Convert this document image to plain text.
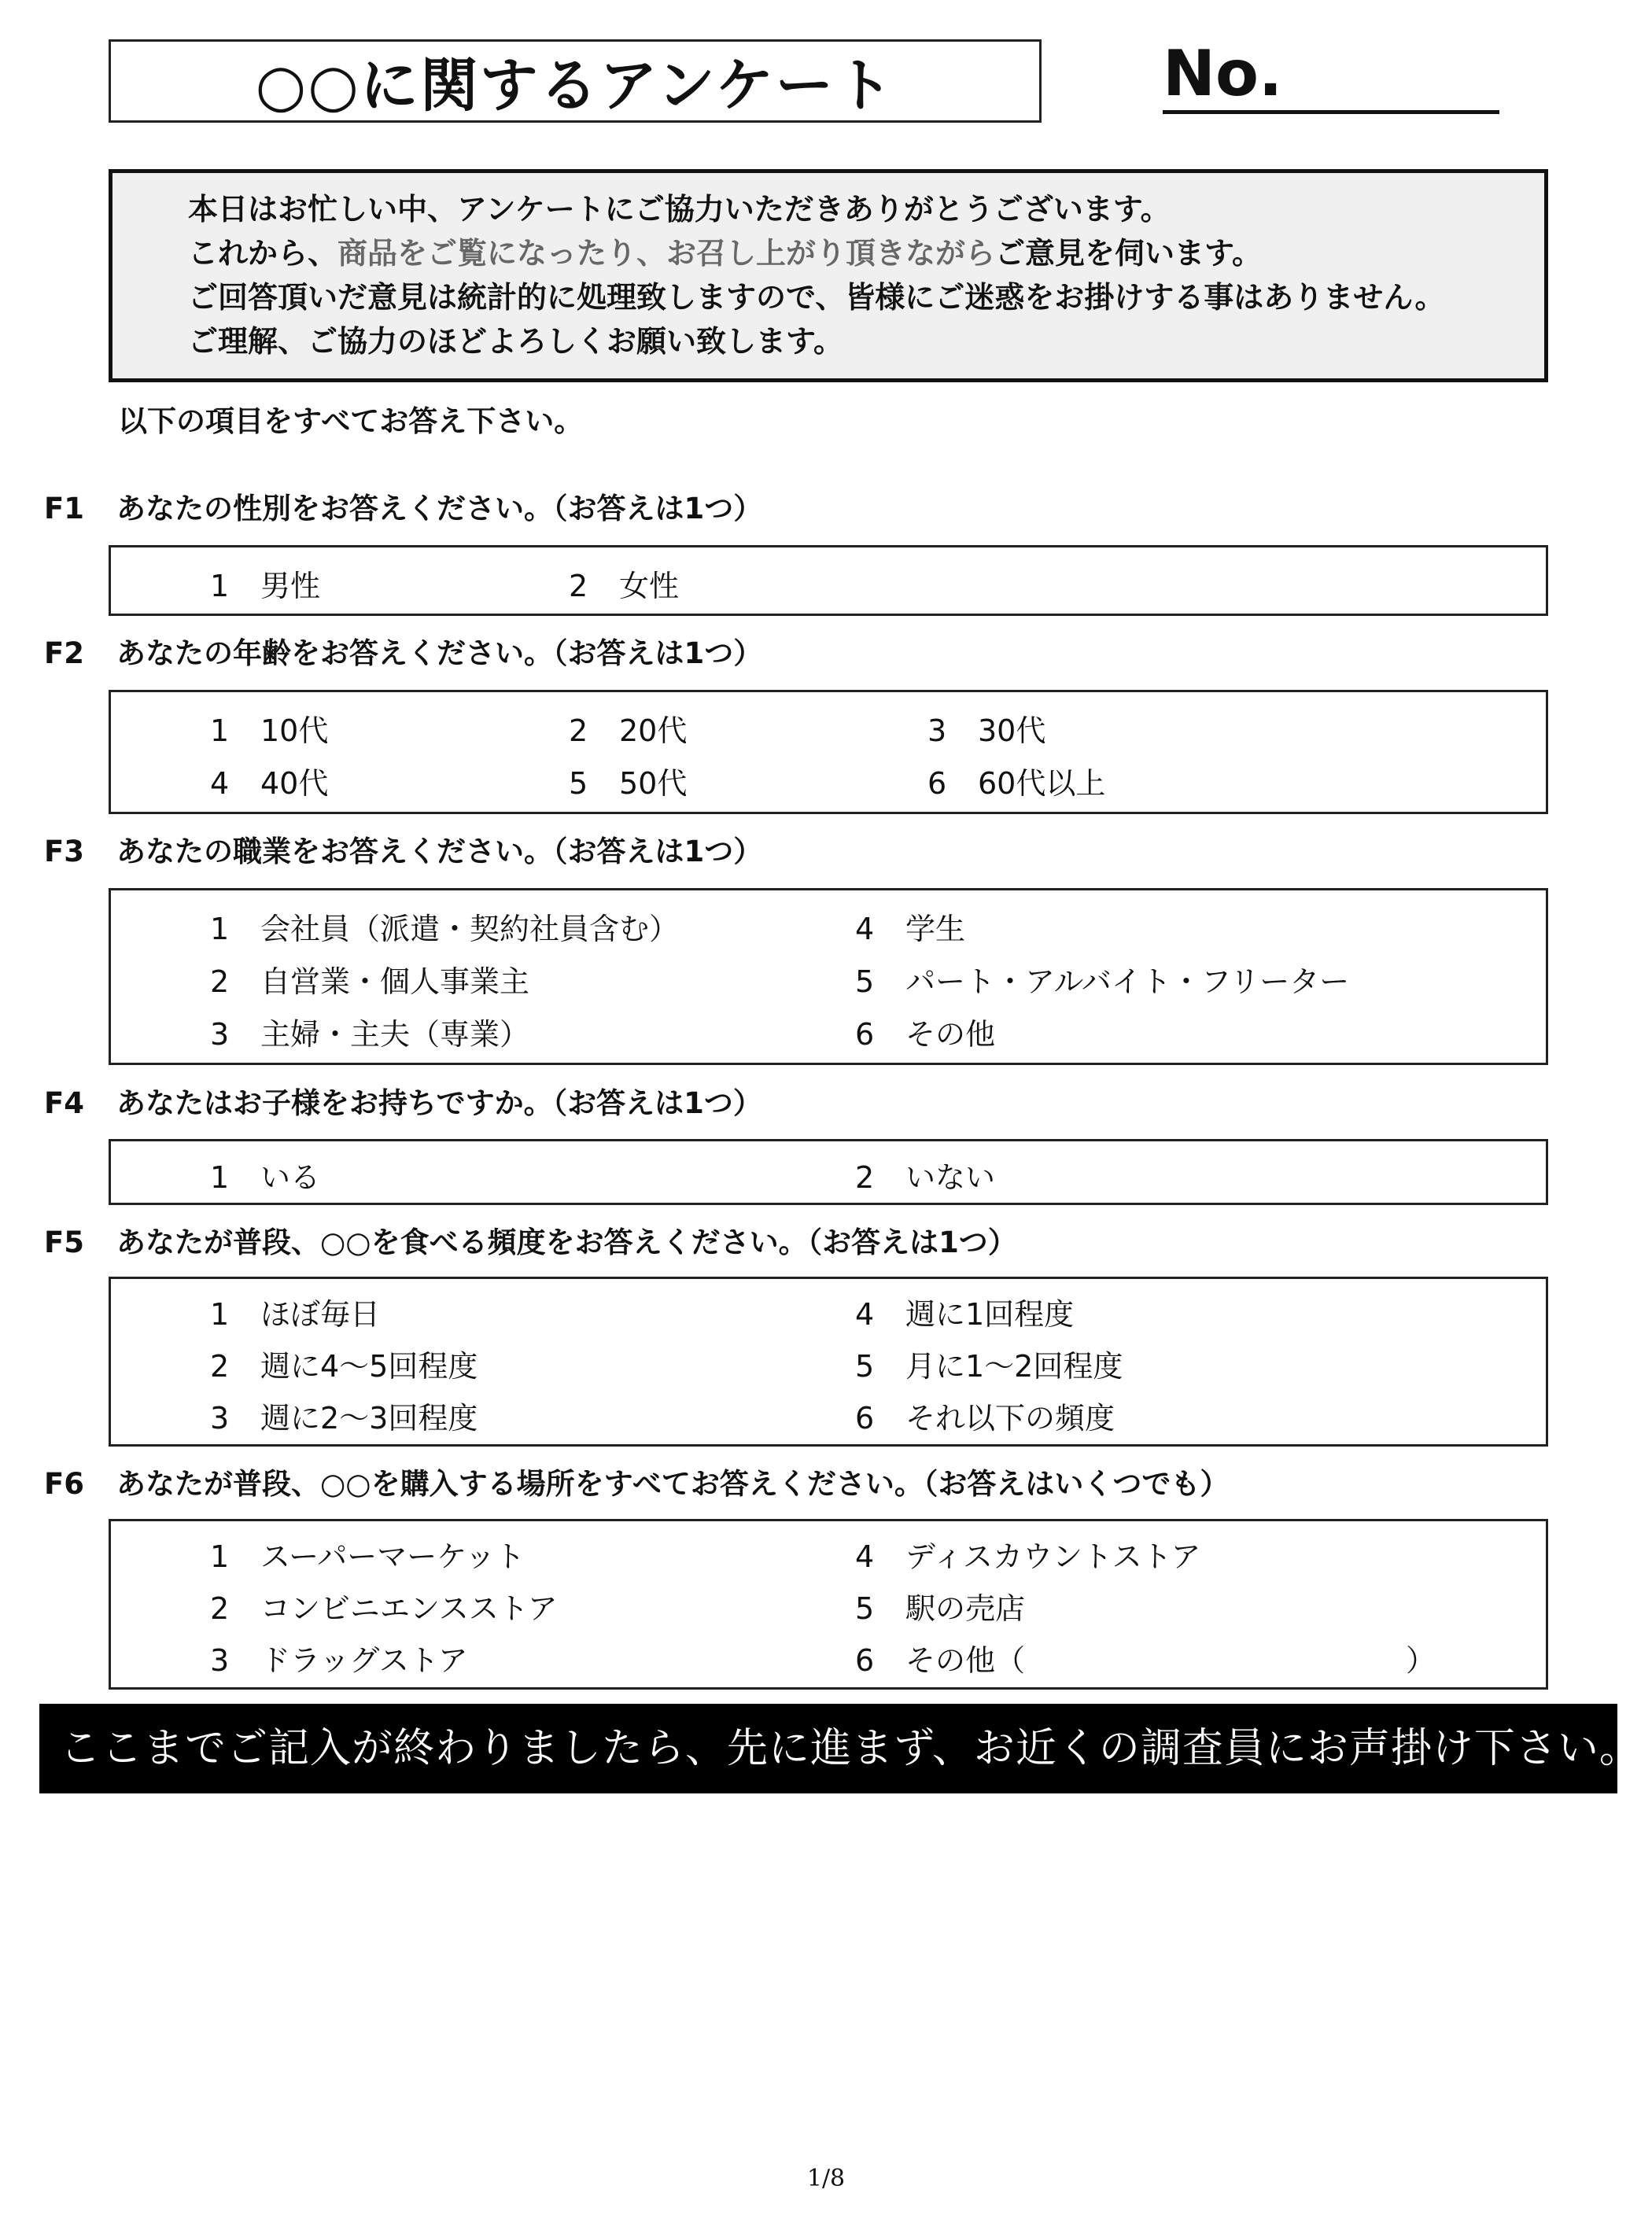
○○に関するアンケート	No.
本日はお忙しい中、アンケートにご協力いただきありがとうございます。
これから、商品をご覧になったり、お召し上がり頂きながらご意見を伺います。
ご回答頂いだ意見は統計的に処理致しますので、皆様にご迷惑をお掛けする事はありません。
ご理解、ご協力のほどよろしくお願い致します。
以下の項目をすべてお答え下さい。
F1 あなたの性別をお答えください。（お答えは1つ）
1 男性	2 女性
F2 あなたの年齢をお答えください。（お答えは1つ）
1 10代	2 20代	3 30代
4 40代	5 50代	6 60代以上
F3 あなたの職業をお答えください。（お答えは1つ）
1 会社員（派遣・契約社員含む）
2 自営業・個人事業主
3 主婦・主夫（専業）
4 学生
5 パート・アルバイト・フリーター
6 その他
F4 あなたはお子様をお持ちですか。（お答えは1つ）
1 いる	2 いない
F5 あなたが普段、○○を食べる頻度をお答えください。（お答えは1つ）
1 ほぼ毎日
2 週に4～5回程度
3 週に2～3回程度
4 週に1回程度
5 月に1～2回程度
6 それ以下の頻度
F6 あなたが普段、○○を購入する場所をすべてお答えください。（お答えはいくつでも）
1 スーパーマーケット
2 コンビニエンスストア
3 ドラッグストア
4 ディスカウントストア
5 駅の売店
6 その他（	）
ここまでご記入が終わりましたら、先に進まず、お近くの調査員にお声掛け下さい。
1/8
